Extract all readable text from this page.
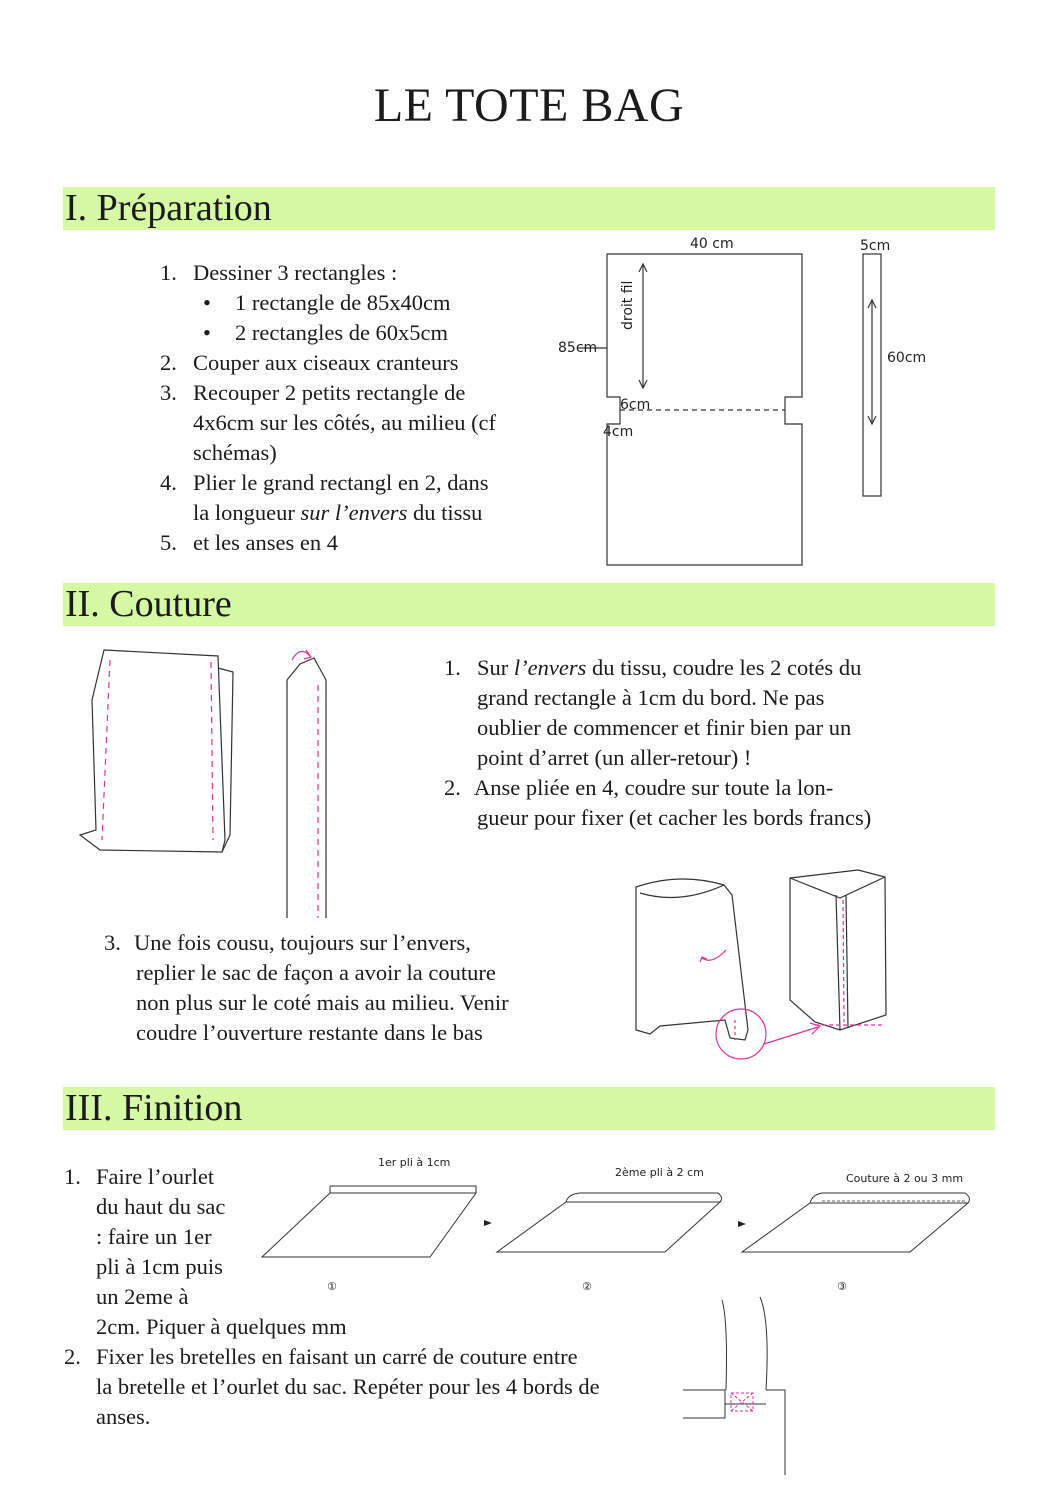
LE TOTE BAG
I. Préparation
1. Dessiner 3 rectangles :
• 1 rectangle de 85x40cm
• 2 rectangles de 60x5cm
2. Couper aux ciseaux cranteurs
3. Recouper 2 petits rectangle de
4x6cm sur les côtés, au milieu (cf
schémas)
4. Plier le grand rectangl en 2, dans
la longueur sur l’envers du tissu
5. et les anses en 4
40 cm	5cm
85cm
droit fil
60cm
6cm
4cm
II. Couture
1. Sur l’envers du tissu, coudre les 2 cotés du
grand rectangle à 1cm du bord. Ne pas
oublier de commencer et finir bien par un
point d’arret (un aller-retour) !
2. Anse pliée en 4, coudre sur toute la lon-
gueur pour fixer (et cacher les bords francs)
3. Une fois cousu, toujours sur l’envers,
replier le sac de façon a avoir la couture
non plus sur le coté mais au milieu. Venir
coudre l’ouverture restante dans le bas
III. Finition
1er pli à 1cm
2ème pli à 2 cm	Couture à 2 ou 3 mm
①	②	③
1. Faire l’ourlet
du haut du sac
: faire un 1er
pli à 1cm puis
un 2eme à
2cm. Piquer à quelques mm
2. Fixer les bretelles en faisant un carré de couture entre
la bretelle et l’ourlet du sac. Repéter pour les 4 bords de
anses.
